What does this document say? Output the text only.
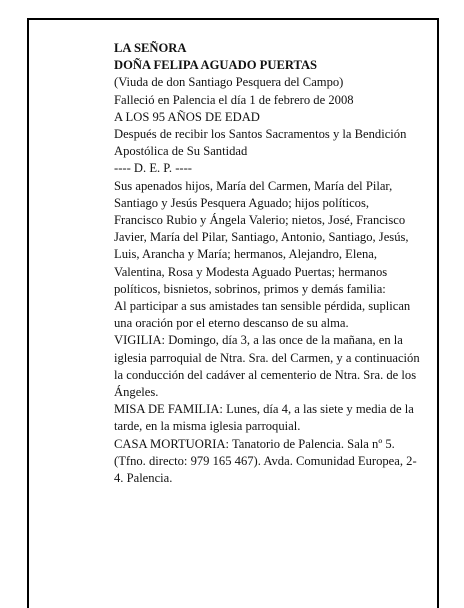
LA SEÑORA

DOÑA FELIPA AGUADO PUERTAS

(Viuda de don Santiago Pesquera del Campo)

Falleció en Palencia el día 1 de febrero de 2008

A LOS 95 AÑOS DE EDAD

Después de recibir los Santos Sacramentos y la Bendición Apostólica de Su Santidad

---- D. E. P. ----

Sus apenados hijos, María del Carmen, María del Pilar, Santiago y Jesús Pesquera Aguado; hijos políticos, Francisco Rubio y Ángela Valerio; nietos, José, Francisco Javier, María del Pilar, Santiago, Antonio, Santiago, Jesús, Luis, Arancha y María; hermanos, Alejandro, Elena, Valentina, Rosa y Modesta Aguado Puertas; hermanos políticos, bisnietos, sobrinos, primos y demás familia:

Al participar a sus amistades tan sensible pérdida, suplican una oración por el eterno descanso de su alma.

VIGILIA: Domingo, día 3, a las once de la mañana, en la iglesia parroquial de Ntra. Sra. del Carmen, y a continuación la conducción del cadáver al cementerio de Ntra. Sra. de los Ángeles.

MISA DE FAMILIA: Lunes, día 4, a las siete y media de la tarde, en la misma iglesia parroquial.

CASA MORTUORIA: Tanatorio de Palencia. Sala nº 5. (Tfno. directo: 979 165 467). Avda. Comunidad Europea, 2-4. Palencia.
